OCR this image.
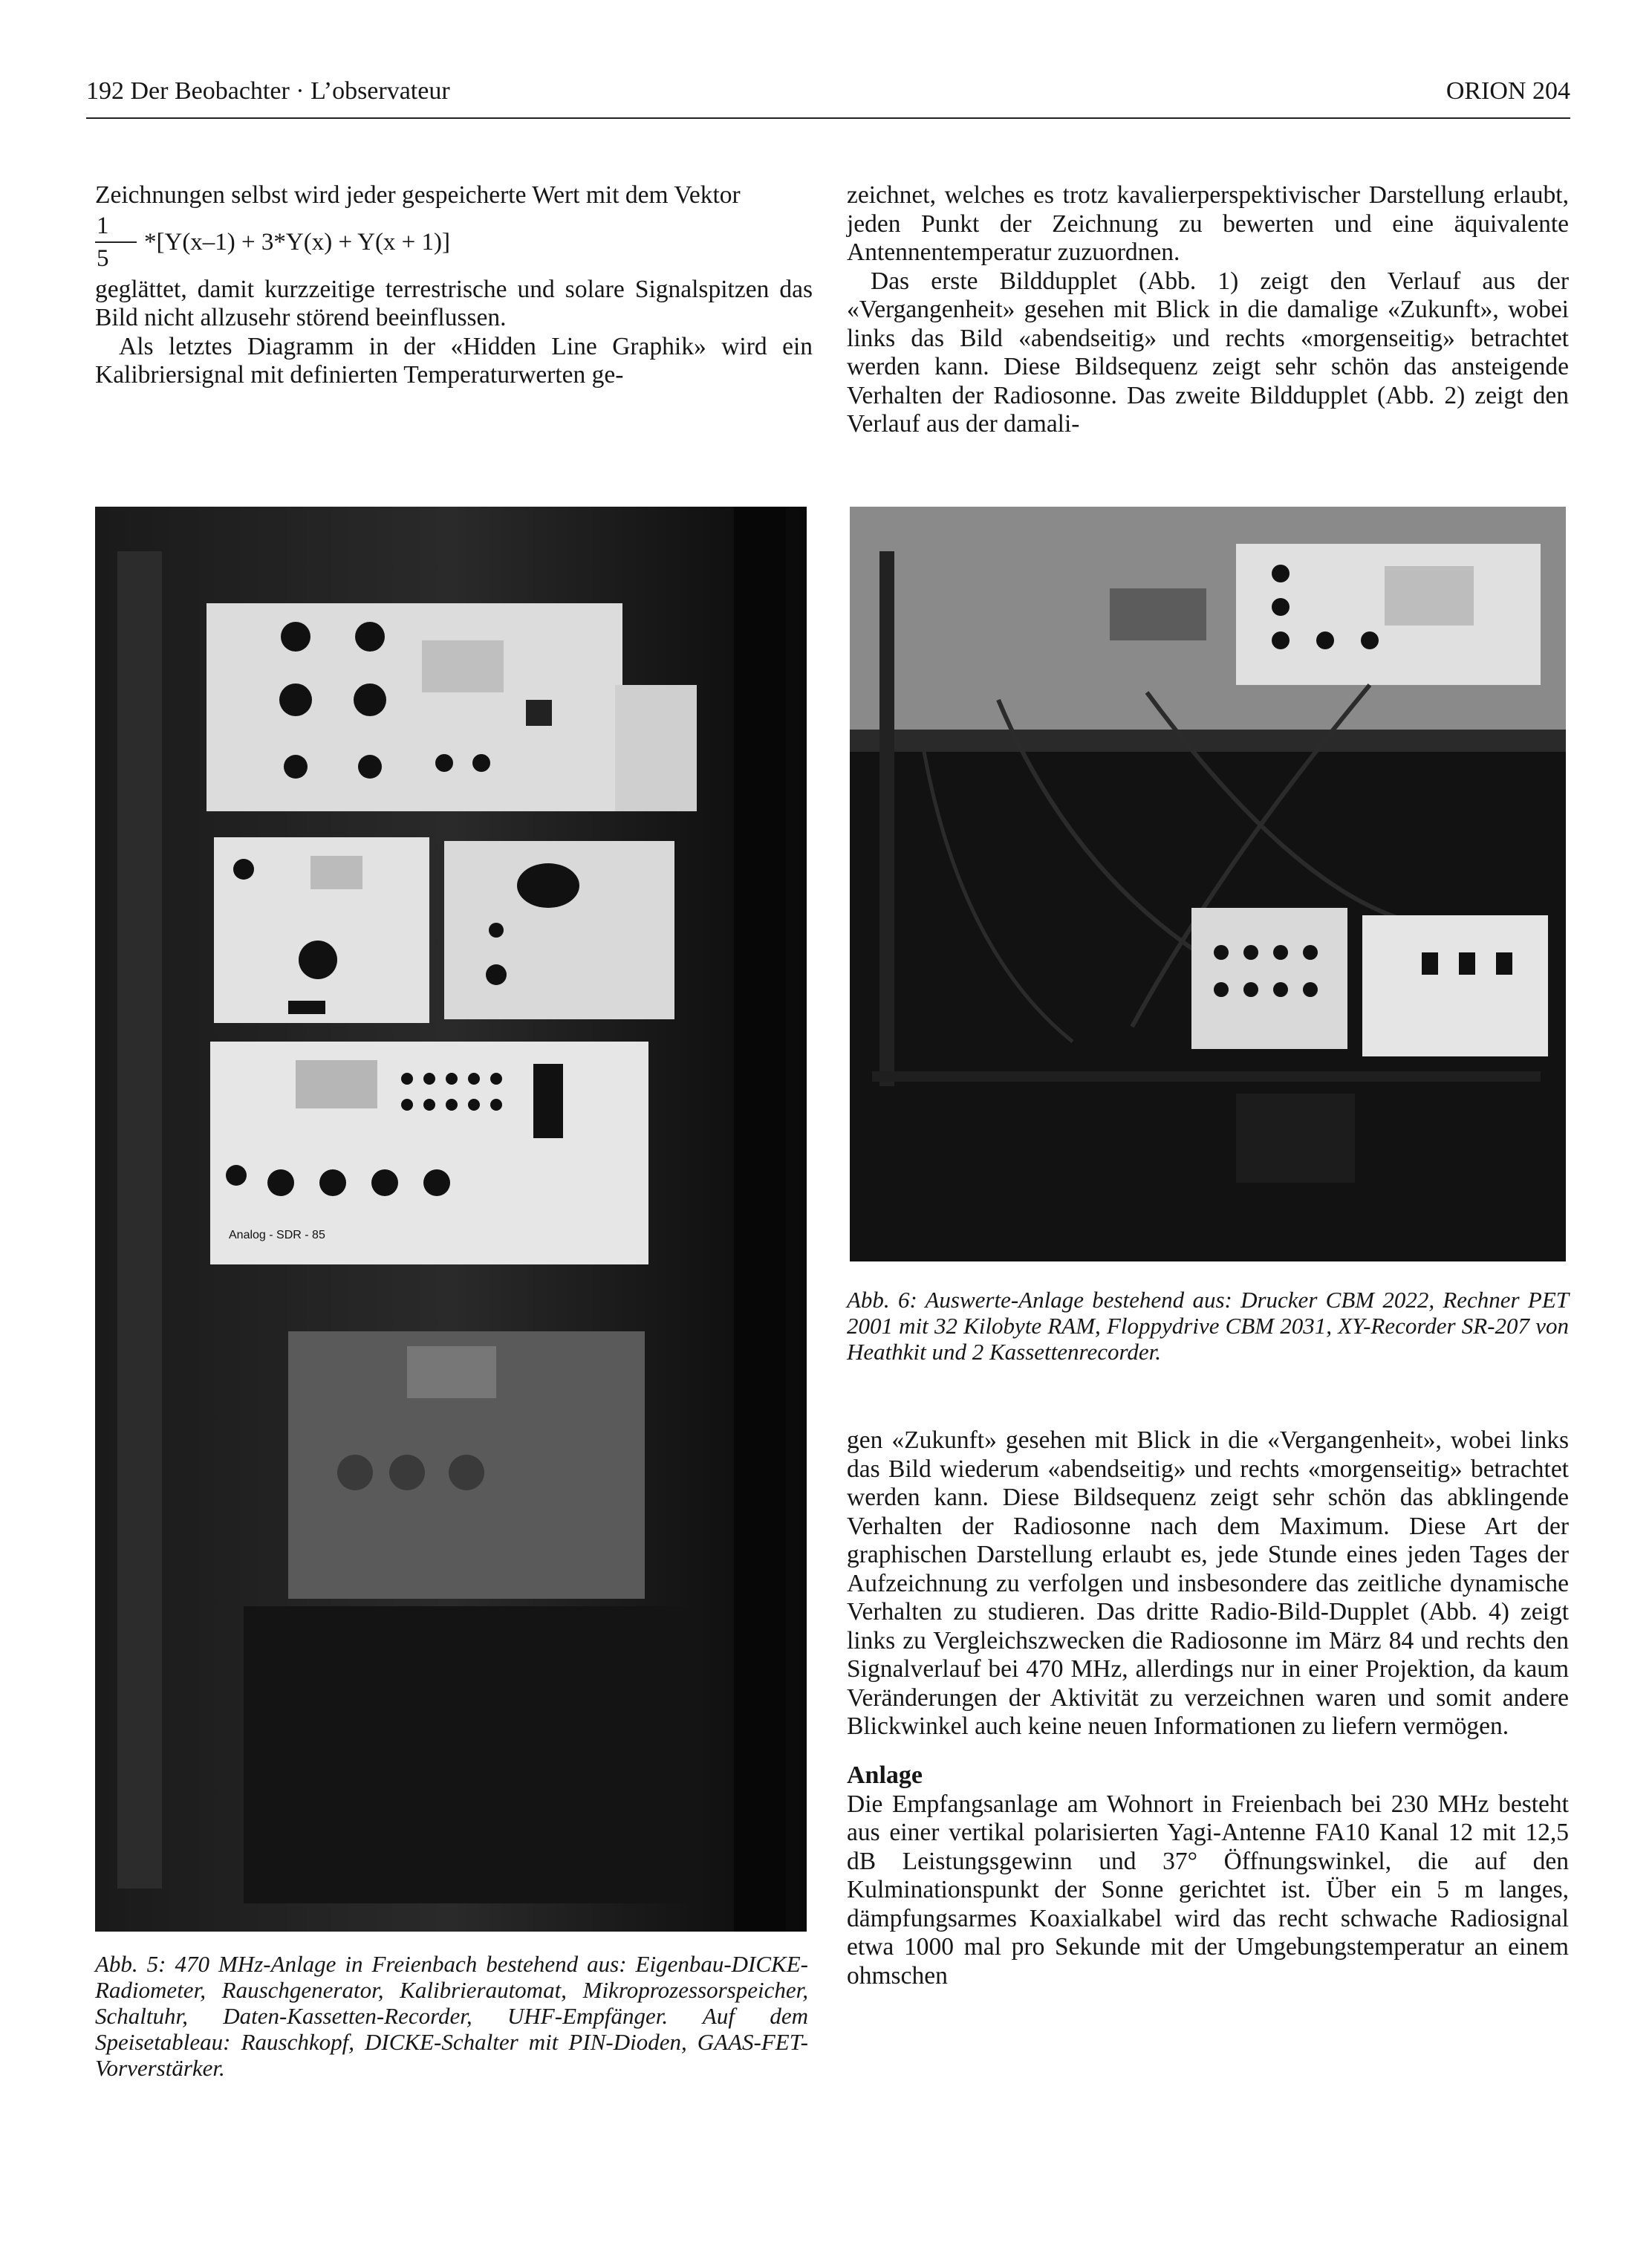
192 Der Beobachter · L’observateur	ORION 204

Zeichnungen selbst wird jeder gespeicherte Wert mit dem Vektor

1
5
*[Y(x–1) + 3*Y(x) + Y(x + 1)]

geglättet, damit kurzzeitige terrestrische und solare Signalspitzen das Bild nicht allzusehr störend beeinflussen.

Als letztes Diagramm in der «Hidden Line Graphik» wird ein Kalibriersignal mit definierten Temperaturwerten ge-

zeichnet, welches es trotz kavalierperspektivischer Darstellung erlaubt, jeden Punkt der Zeichnung zu bewerten und eine äquivalente Antennentemperatur zuzuordnen.

Das erste Bilddupplet (Abb. 1) zeigt den Verlauf aus der «Vergangenheit» gesehen mit Blick in die damalige «Zukunft», wobei links das Bild «abendseitig» und rechts «morgenseitig» betrachtet werden kann. Diese Bildsequenz zeigt sehr schön das ansteigende Verhalten der Radiosonne. Das zweite Bilddupplet (Abb. 2) zeigt den Verlauf aus der damali-

Analog - SDR - 85

Abb. 5: 470 MHz-Anlage in Freienbach bestehend aus: Eigenbau-DICKE-Radiometer, Rauschgenerator, Kalibrierautomat, Mikroprozessorspeicher, Schaltuhr, Daten-Kassetten-Recorder, UHF-Empfänger. Auf dem Speisetableau: Rauschkopf, DICKE-Schalter mit PIN-Dioden, GAAS-FET-Vorverstärker.

Abb. 6: Auswerte-Anlage bestehend aus: Drucker CBM 2022, Rechner PET 2001 mit 32 Kilobyte RAM, Floppydrive CBM 2031, XY-Recorder SR-207 von Heathkit und 2 Kassettenrecorder.

gen «Zukunft» gesehen mit Blick in die «Vergangenheit», wobei links das Bild wiederum «abendseitig» und rechts «morgenseitig» betrachtet werden kann. Diese Bildsequenz zeigt sehr schön das abklingende Verhalten der Radiosonne nach dem Maximum. Diese Art der graphischen Darstellung erlaubt es, jede Stunde eines jeden Tages der Aufzeichnung zu verfolgen und insbesondere das zeitliche dynamische Verhalten zu studieren. Das dritte Radio-Bild-Dupplet (Abb. 4) zeigt links zu Vergleichszwecken die Radiosonne im März 84 und rechts den Signalverlauf bei 470 MHz, allerdings nur in einer Projektion, da kaum Veränderungen der Aktivität zu verzeichnen waren und somit andere Blickwinkel auch keine neuen Informationen zu liefern vermögen.

Anlage

Die Empfangsanlage am Wohnort in Freienbach bei 230 MHz besteht aus einer vertikal polarisierten Yagi-Antenne FA10 Kanal 12 mit 12,5 dB Leistungsgewinn und 37° Öffnungswinkel, die auf den Kulminationspunkt der Sonne gerichtet ist. Über ein 5 m langes, dämpfungsarmes Koaxialkabel wird das recht schwache Radiosignal etwa 1000 mal pro Sekunde mit der Umgebungstemperatur an einem ohmschen
